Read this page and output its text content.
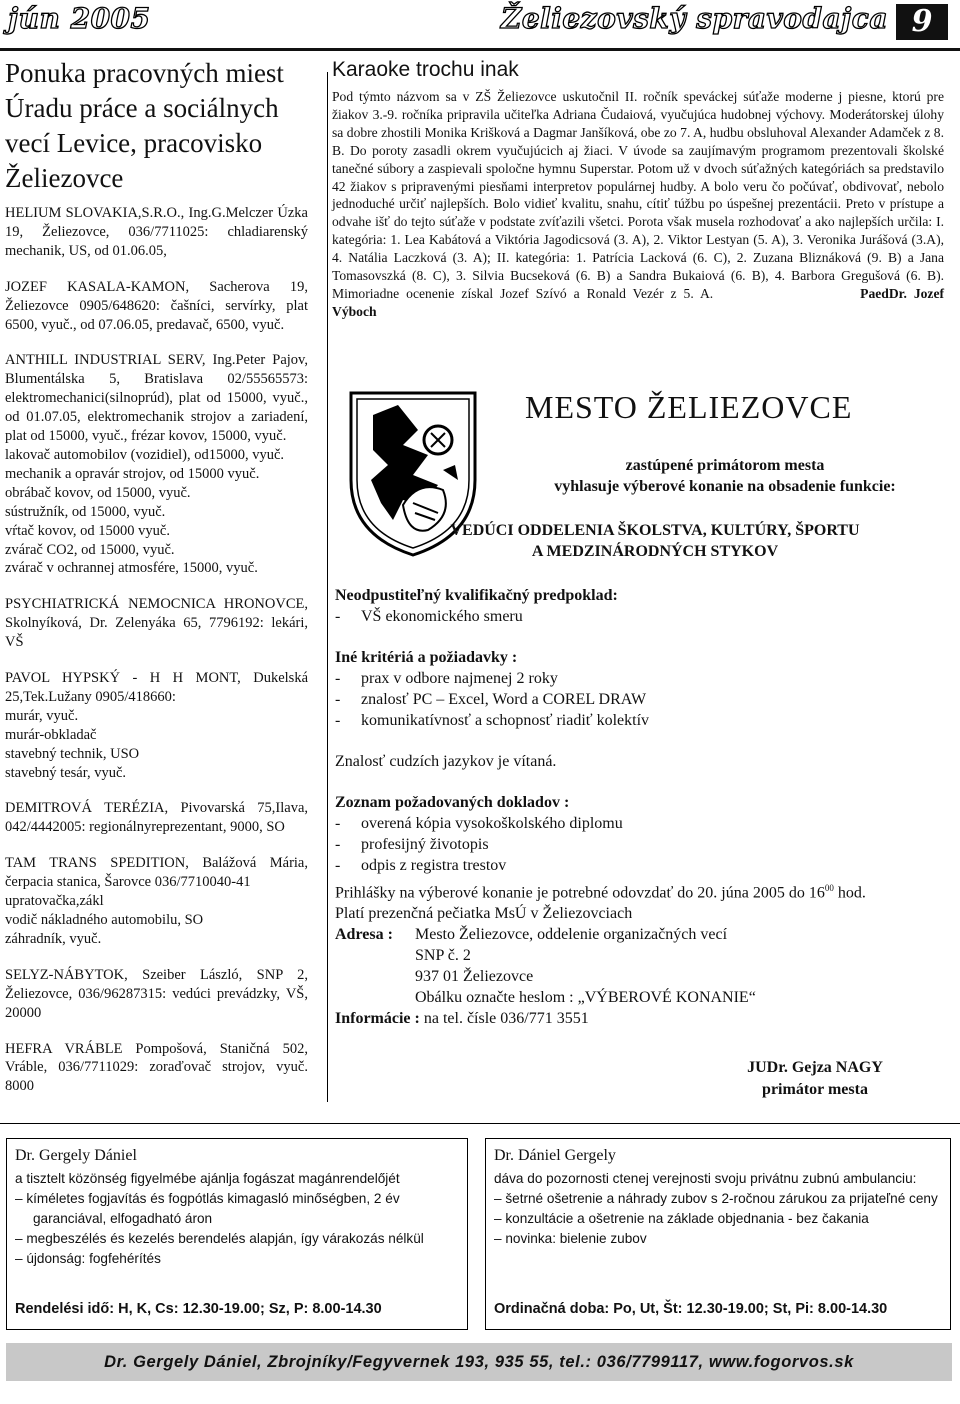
jún 2005	Želiezovský spravodajca 9
Ponuka pracovných miest Úradu práce a sociálnych vecí Levice, pracovisko Želiezovce

HELIUM SLOVAKIA,S.R.O., Ing.G.Melczer Úzka 19, Želiezovce, 036/7711025: chladiarenský mechanik, US, od 01.06.05,

JOZEF KASALA-KAMON, Sacherova 19, Želiezovce 0905/648620: čašníci, servírky, plat 6500, vyuč., od 07.06.05, predavač, 6500, vyuč.

ANTHILL INDUSTRIAL SERV, Ing.Peter Pajov, Blumentálska 5, Bratislava 02/55565573: elektromechanici(silnoprúd), plat od 15000, vyuč., od 01.07.05, elektromechanik strojov a zariadení, plat od 15000, vyuč., frézar kovov, 15000, vyuč.
lakovač automobilov (vozidiel), od15000, vyuč.
mechanik a opravár strojov, od 15000 vyuč.
obrábač kovov, od 15000, vyuč.
sústružník, od 15000, vyuč.
vŕtač kovov, od 15000 vyuč.
zvárač CO2, od 15000, vyuč.
zvárač v ochrannej atmosfére, 15000, vyuč.

PSYCHIATRICKÁ NEMOCNICA HRONOVCE, Skolnyíková, Dr. Zelenyáka 65, 7796192: lekári, VŠ

PAVOL HYPSKÝ - H H MONT, Dukelská 25,Tek.Lužany 0905/418660:
murár, vyuč.
murár-obkladač
stavebný technik, USO
stavebný tesár, vyuč.

DEMITROVÁ TERÉZIA, Pivovarská 75,Ilava, 042/4442005: regionálnyreprezentant, 9000, SO

TAM TRANS SPEDITION, Balážová Mária, čerpacia stanica, Šarovce 036/7710040-41
upratovačka,zákl
vodič nákladného automobilu, SO
záhradník, vyuč.

SELYZ-NÁBYTOK, Szeiber László, SNP 2, Želiezovce, 036/96287315: vedúci prevádzky, VŠ, 20000

HEFRA VRÁBLE Pompošová, Staničná 502, Vráble, 036/7711029: zoraďovač strojov, vyuč. 8000

Karaoke trochu inak
Pod týmto názvom sa v ZŠ Želiezovce uskutočnil II. ročník speváckej súťaže moderne j piesne, ktorú pre žiakov 3.-9. ročníka pripravila učiteľka Adriana Čudaiová, vyučujúca hudobnej výchovy. Moderátorskej úlohy sa dobre zhostili Monika Krišková a Dagmar Janšíková, obe zo 7. A, hudbu obsluhoval Alexander Adamček z 8. B. Do poroty zasadli okrem vyučujúcich aj žiaci. V úvode sa zaujímavým programom prezentovali školské tanečné súbory a zaspievali spoločne hymnu Superstar. Potom už v dvoch súťažných kategóriách sa predstavilo 42 žiakov s pripravenými piesňami interpretov populárnej hudby. A bolo veru čo počúvať, obdivovať, nebolo jednoduché určiť najlepších. Bolo vidieť kvalitu, snahu, cítiť túžbu po úspešnej prezentácii. Preto v prístupe a odvahe išť do tejto súťaže v podstate zvíťazili všetci. Porota však musela rozhodovať a ako najlepších určila: I. kategória: 1. Lea Kabátová a Viktória Jagodicsová (3. A), 2. Viktor Lestyan (5. A), 3. Veronika Jurášová (3.A), 4. Natália Laczková (3. A); II. kategória: 1. Patrícia Lacková (6. C), 2. Zuzana Bliznáková (9. B) a Jana Tomasovszká (8. C), 3. Silvia Bucseková (6. B) a Sandra Bukaiová (6. B), 4. Barbora Gregušová (6. B). Mimoriadne ocenenie získal Jozef Szívó a Ronald Vezér z 5. A.	PaedDr. Jozef Výboch
MESTO ŽELIEZOVCE
zastúpené primátorom mesta
vyhlasuje výberové konanie na obsadenie funkcie:
VEDÚCI ODDELENIA ŠKOLSTVA, KULTÚRY, ŠPORTU
A MEDZINÁRODNÝCH STYKOV
Neodpustiteľný kvalifikačný predpoklad:
- VŠ ekonomického smeru
Iné kritériá a požiadavky :
- prax v odbore najmenej 2 roky
- znalosť PC – Excel, Word a COREL DRAW
- komunikatívnosť a schopnosť riadiť kolektív
Znalosť cudzích jazykov je vítaná.
Zoznam požadovaných dokladov :
- overená kópia vysokoškolského diplomu
- profesijný životopis
- odpis z registra trestov
Prihlášky na výberové konanie je potrebné odovzdať do 20. júna 2005 do $16^{00}$ hod.
Platí prezenčná pečiatka MsÚ v Želiezovciach
Adresa : Mesto Želiezovce, oddelenie organizačných vecí
SNP č. 2
937 01 Želiezovce
Obálku označte heslom : „VÝBEROVÉ KONANIE“
Informácie : na tel. čísle 036/771 3551
JUDr. Gejza NAGY
primátor mesta
Dr. Gergely Dániel
a tisztelt közönség figyelmébe ajánlja fogászat magánrendelőjét
– kíméletes fogjavítás és fogpótlás kimagasló minőségben, 2 év garanciával, elfogadható áron
– megbeszélés és kezelés berendelés alapján, így várakozás nélkül
– újdonság: fogfehérítés
Rendelési idő: H, K, Cs: 12.30-19.00; Sz, P: 8.00-14.30
Dr. Dániel Gergely
dáva do pozornosti ctenej verejnosti svoju privátnu zubnú ambulanciu:
– šetrné ošetrenie a náhrady zubov s 2-ročnou zárukou za prijateľné ceny
– konzultácie a ošetrenie na základe objednania - bez čakania
– novinka: bielenie zubov
Ordinačná doba: Po, Ut, Št: 12.30-19.00; St, Pi: 8.00-14.30
Dr. Gergely Dániel, Zbrojníky/Fegyvernek 193, 935 55, tel.: 036/7799117, www.fogorvos.sk
